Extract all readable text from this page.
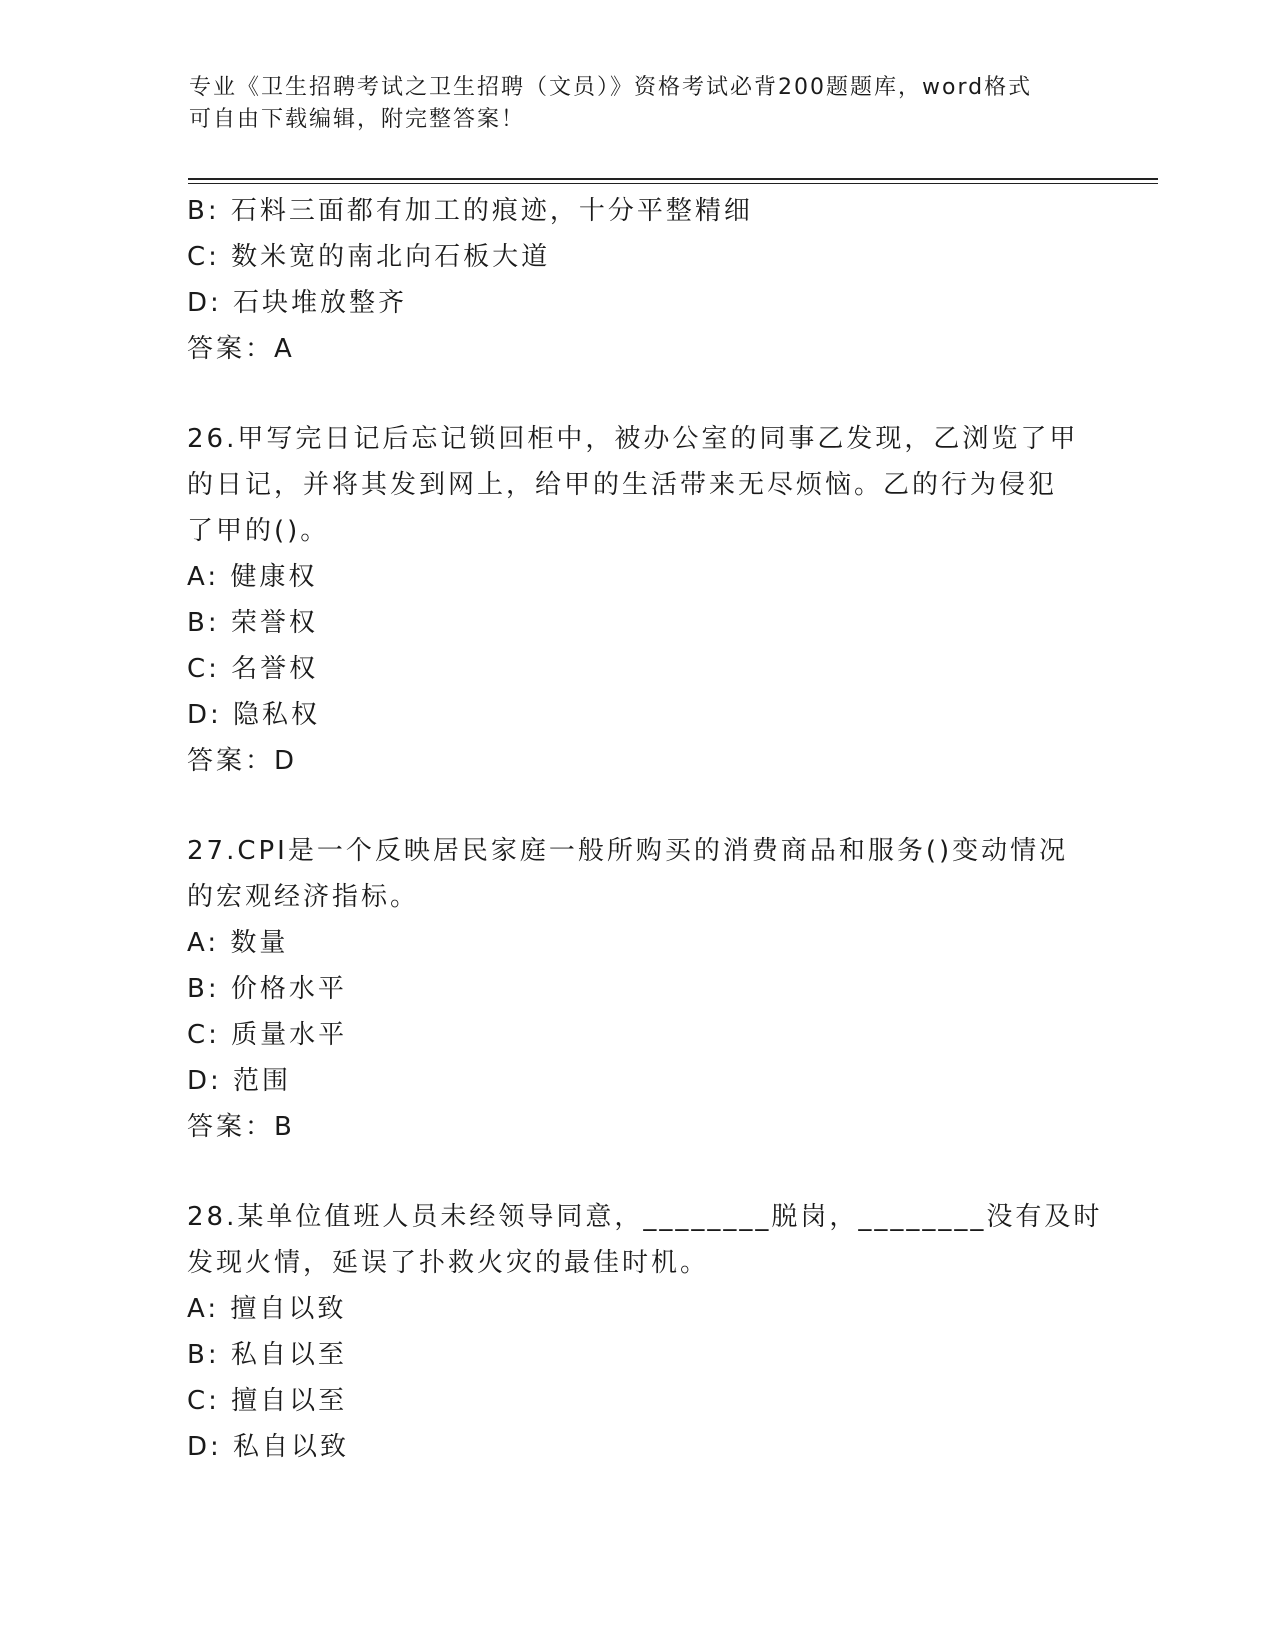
专业《卫生招聘考试之卫生招聘（文员）》资格考试必背200题题库，word格式
可自由下载编辑，附完整答案！
B: 石料三面都有加工的痕迹，十分平整精细
C: 数米宽的南北向石板大道
D: 石块堆放整齐
答案：A
26.甲写完日记后忘记锁回柜中，被办公室的同事乙发现，乙浏览了甲
的日记，并将其发到网上，给甲的生活带来无尽烦恼。乙的行为侵犯
了甲的()。
A: 健康权
B: 荣誉权
C: 名誉权
D: 隐私权
答案：D
27.CPI是一个反映居民家庭一般所购买的消费商品和服务()变动情况
的宏观经济指标。
A: 数量
B: 价格水平
C: 质量水平
D: 范围
答案：B
28.某单位值班人员未经领导同意，________脱岗，________没有及时
发现火情，延误了扑救火灾的最佳时机。
A: 擅自以致
B: 私自以至
C: 擅自以至
D: 私自以致
